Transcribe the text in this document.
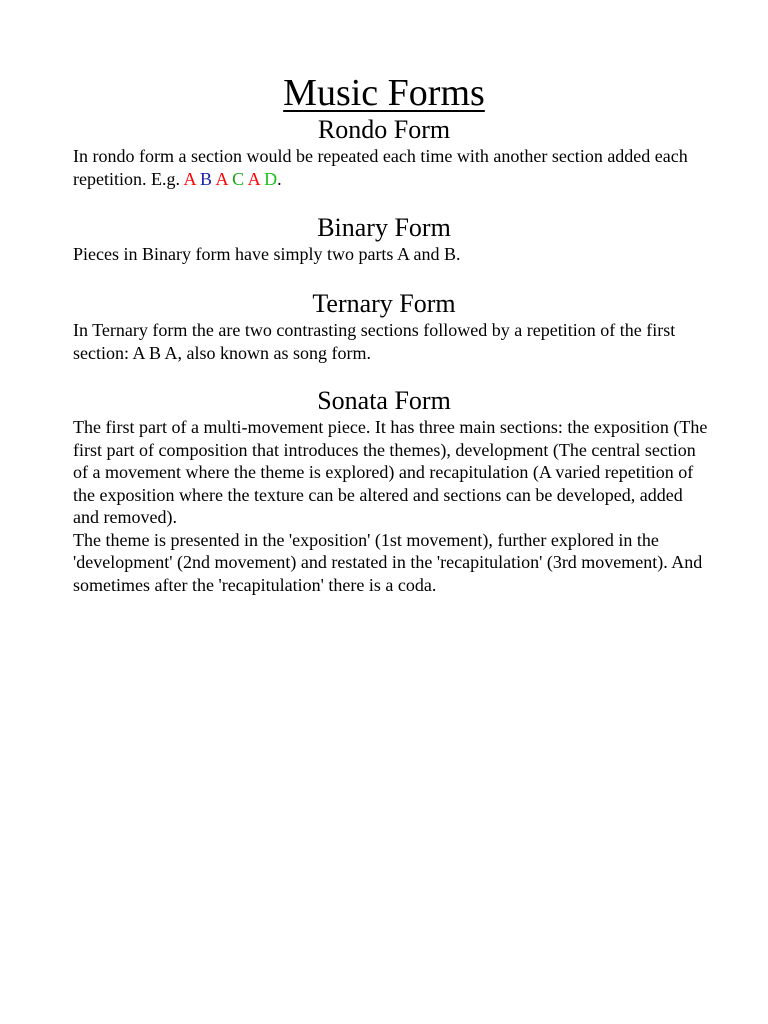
Music Forms
Rondo Form
In rondo form a section would be repeated each time with another section added each repetition. E.g. A B A C A D.
Binary Form
Pieces in Binary form have simply two parts A and B.
Ternary Form
In Ternary form the are two contrasting sections followed by a repetition of the first section: A B A, also known as song form.
Sonata Form

The first part of a multi-movement piece. It has three main sections: the exposition (The first part of composition that introduces the themes), development (The central section of a movement where the theme is explored) and recapitulation (A varied repetition of the exposition where the texture can be altered and sections can be developed, added and removed).

The theme is presented in the 'exposition' (1st movement), further explored in the 'development' (2nd movement) and restated in the 'recapitulation' (3rd movement). And sometimes after the 'recapitulation' there is a coda.
